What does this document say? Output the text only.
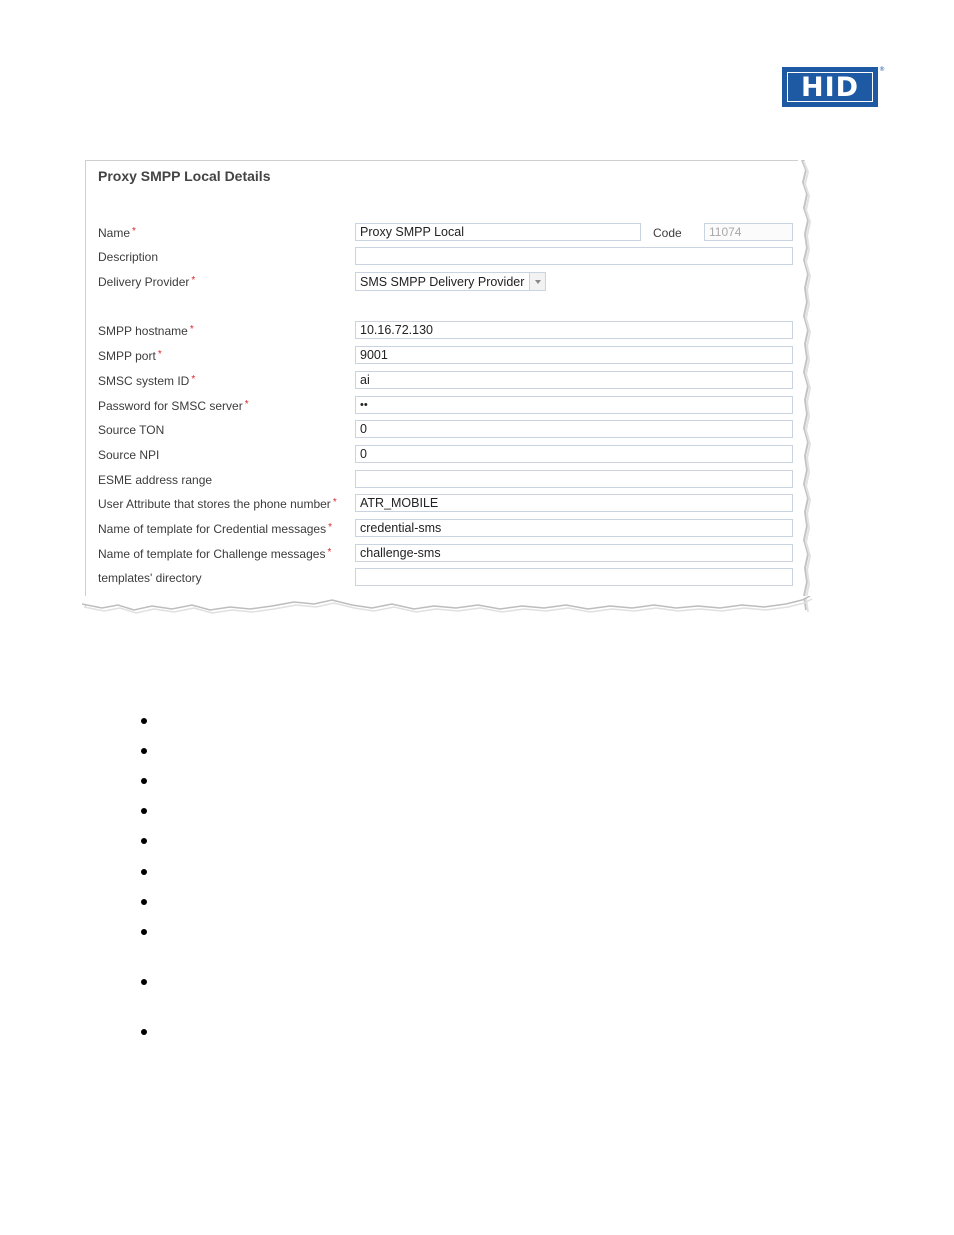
HID
®
Proxy SMPP Local Details
Name *	Proxy SMPP Local	Code	11074
Description
Delivery Provider *	SMS SMPP Delivery Provider
SMPP hostname *	10.16.72.130
SMPP port *	9001
SMSC system ID *	ai
Password for SMSC server *	••
Source TON	0
Source NPI	0
ESME address range
User Attribute that stores the phone number *	ATR_MOBILE
Name of template for Credential messages *	credential-sms
Name of template for Challenge messages *	challenge-sms
templates' directory
